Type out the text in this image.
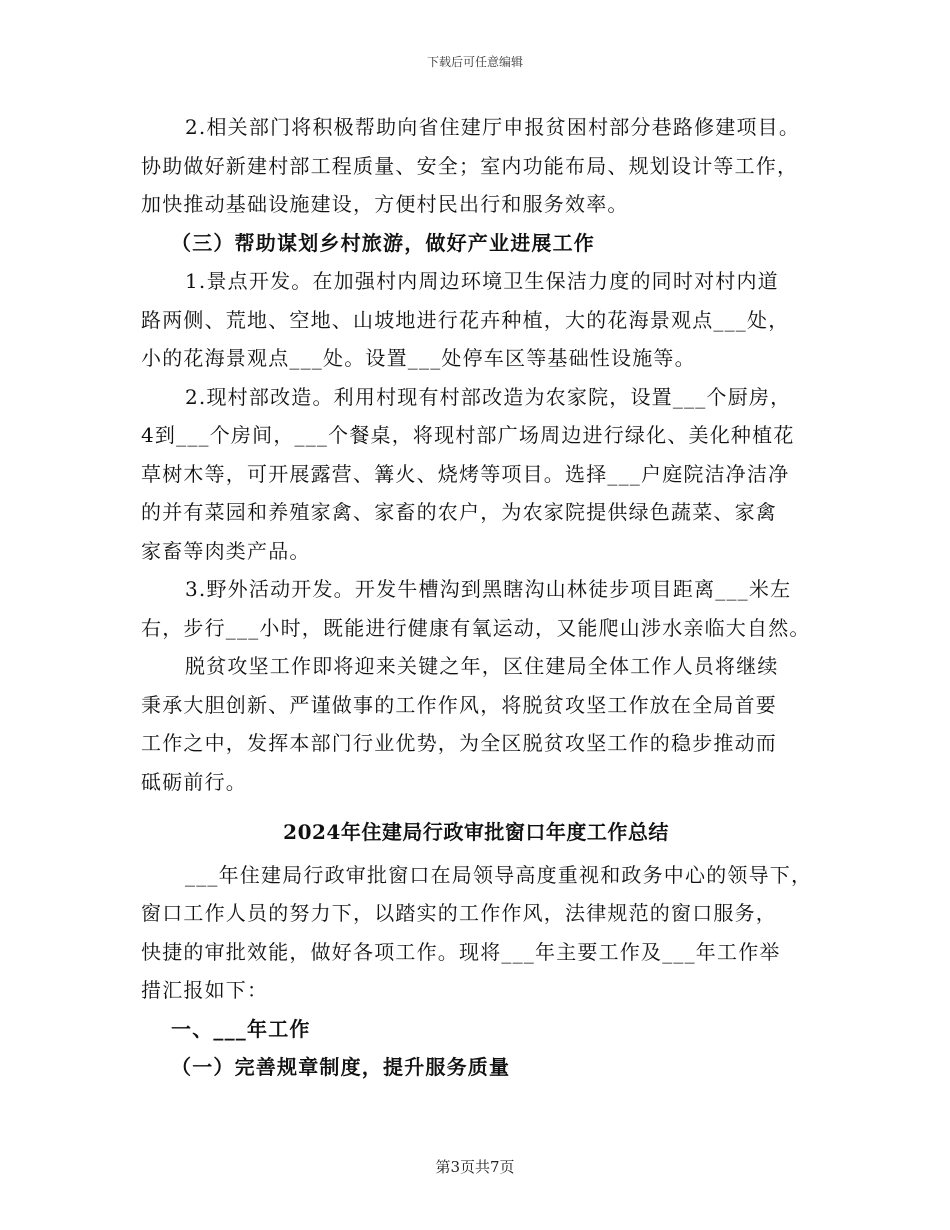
下载后可任意编辑
2.相关部门将积极帮助向省住建厅申报贫困村部分巷路修建项目。
协助做好新建村部工程质量、安全；室内功能布局、规划设计等工作，
加快推动基础设施建设，方便村民出行和服务效率。
（三）帮助谋划乡村旅游，做好产业进展工作
1.景点开发。在加强村内周边环境卫生保洁力度的同时对村内道
路两侧、荒地、空地、山坡地进行花卉种植，大的花海景观点___处，
小的花海景观点___处。设置___处停车区等基础性设施等。
2.现村部改造。利用村现有村部改造为农家院，设置___个厨房，
4到___个房间，___个餐桌，将现村部广场周边进行绿化、美化种植花
草树木等，可开展露营、篝火、烧烤等项目。选择___户庭院洁净洁净
的并有菜园和养殖家禽、家畜的农户，为农家院提供绿色蔬菜、家禽
家畜等肉类产品。
3.野外活动开发。开发牛槽沟到黑瞎沟山林徒步项目距离___米左
右，步行___小时，既能进行健康有氧运动，又能爬山涉水亲临大自然。
脱贫攻坚工作即将迎来关键之年，区住建局全体工作人员将继续
秉承大胆创新、严谨做事的工作作风，将脱贫攻坚工作放在全局首要
工作之中，发挥本部门行业优势，为全区脱贫攻坚工作的稳步推动而
砥砺前行。
2024年住建局行政审批窗口年度工作总结
___年住建局行政审批窗口在局领导高度重视和政务中心的领导下，
窗口工作人员的努力下，以踏实的工作作风，法律规范的窗口服务，
快捷的审批效能，做好各项工作。现将___年主要工作及___年工作举
措汇报如下：
一、___年工作
（一）完善规章制度，提升服务质量
第3页共7页
